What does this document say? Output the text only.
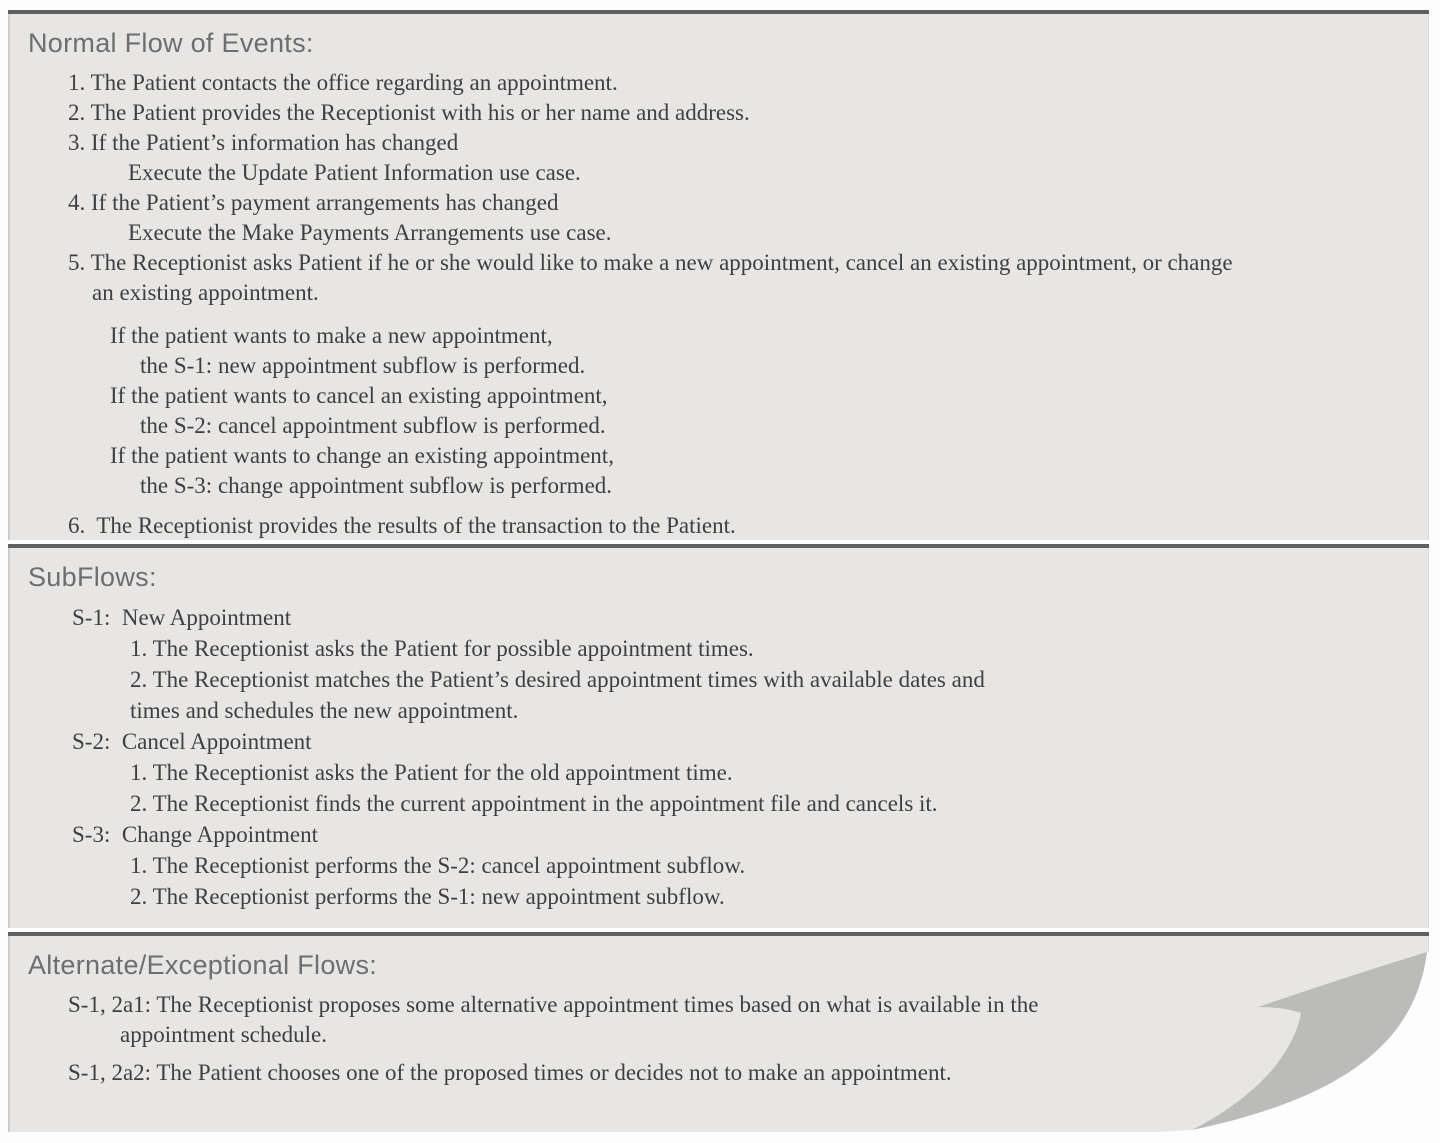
Normal Flow of Events:
1. The Patient contacts the office regarding an appointment.
2. The Patient provides the Receptionist with his or her name and address.
3. If the Patient’s information has changed
Execute the Update Patient Information use case.
4. If the Patient’s payment arrangements has changed
Execute the Make Payments Arrangements use case.
5. The Receptionist asks Patient if he or she would like to make a new appointment, cancel an existing appointment, or change
an existing appointment.
If the patient wants to make a new appointment,
the S-1: new appointment subflow is performed.
If the patient wants to cancel an existing appointment,
the S-2: cancel appointment subflow is performed.
If the patient wants to change an existing appointment,
the S-3: change appointment subflow is performed.
6.  The Receptionist provides the results of the transaction to the Patient.
SubFlows:
S-1:  New Appointment
1. The Receptionist asks the Patient for possible appointment times.
2. The Receptionist matches the Patient’s desired appointment times with available dates and
times and schedules the new appointment.
S-2:  Cancel Appointment
1. The Receptionist asks the Patient for the old appointment time.
2. The Receptionist finds the current appointment in the appointment file and cancels it.
S-3:  Change Appointment
1. The Receptionist performs the S-2: cancel appointment subflow.
2. The Receptionist performs the S-1: new appointment subflow.
Alternate/Exceptional Flows:
S-1, 2a1: The Receptionist proposes some alternative appointment times based on what is available in the
appointment schedule.
S-1, 2a2: The Patient chooses one of the proposed times or decides not to make an appointment.
